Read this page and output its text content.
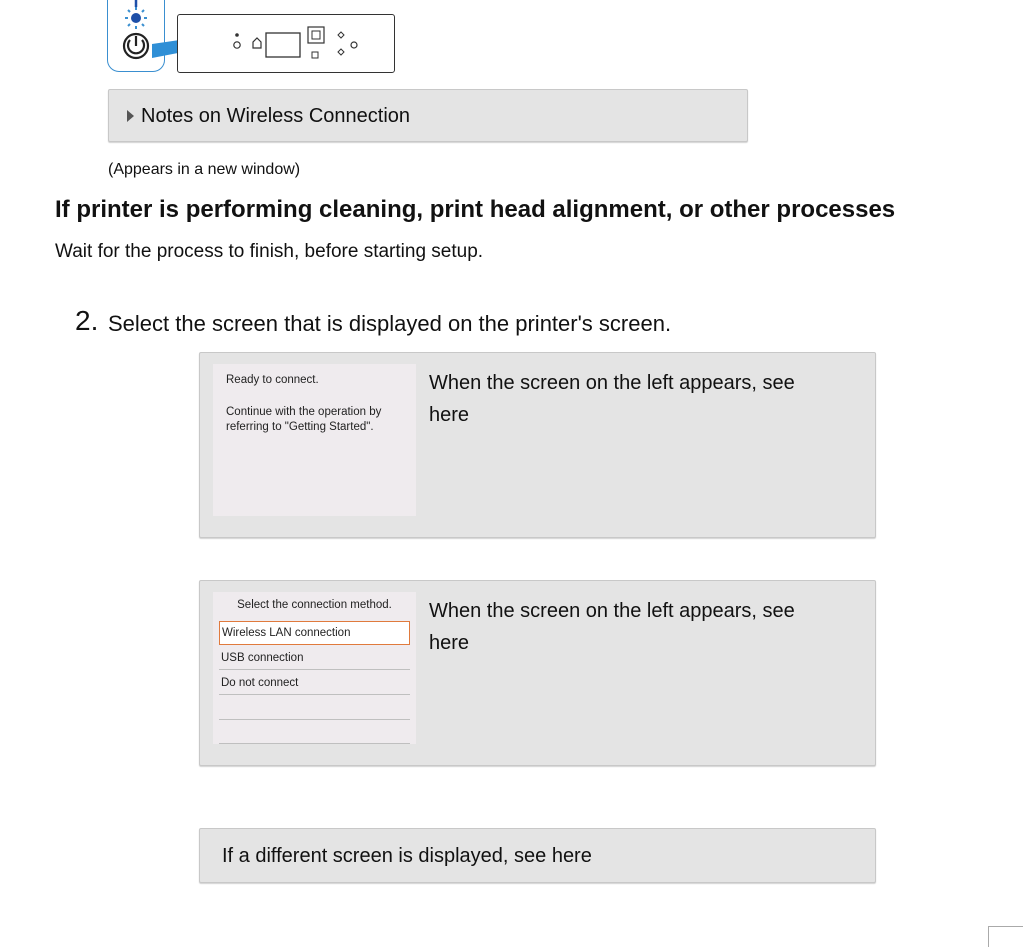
Notes on Wireless Connection
(Appears in a new window)
If printer is performing cleaning, print head alignment, or other processes
Wait for the process to finish, before starting setup.
2. Select the screen that is displayed on the printer's screen.
Ready to connect.
Continue with the operation by referring to "Getting Started".
When the screen on the left appears, see
here
Select the connection method.
Wireless LAN connection
USB connection
Do not connect
When the screen on the left appears, see
here
If a different screen is displayed, see here
